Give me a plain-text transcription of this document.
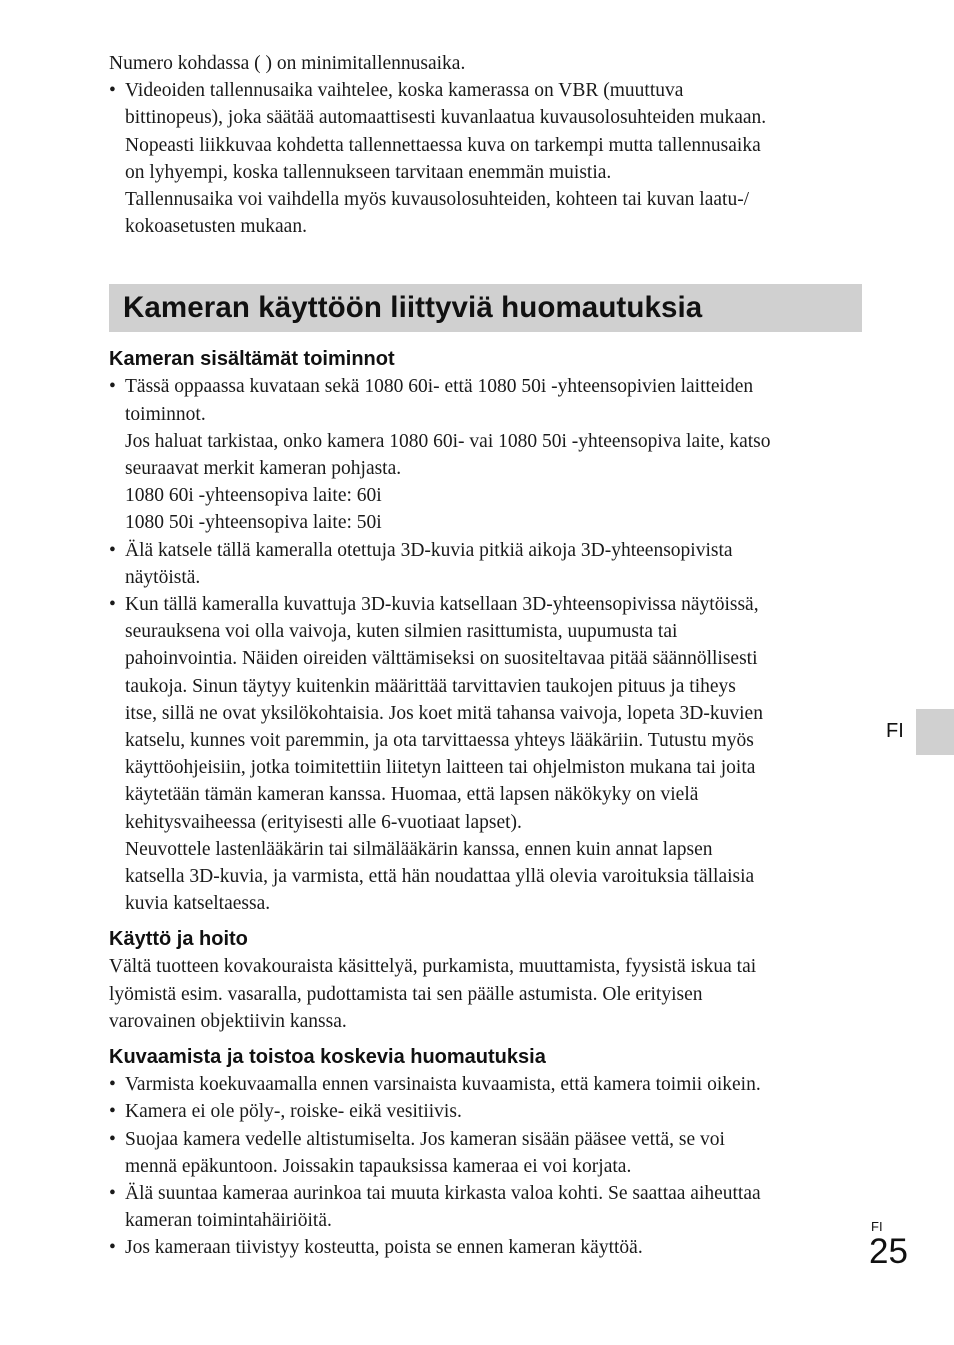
Numero kohdassa ( ) on minimitallennusaika.
• Videoiden tallennusaika vaihtelee, koska kamerassa on VBR (muuttuva
bittinopeus), joka säätää automaattisesti kuvanlaatua kuvausolosuhteiden mukaan.
Nopeasti liikkuvaa kohdetta tallennettaessa kuva on tarkempi mutta tallennusaika
on lyhyempi, koska tallennukseen tarvitaan enemmän muistia.
Tallennusaika voi vaihdella myös kuvausolosuhteiden, kohteen tai kuvan laatu-/
kokoasetusten mukaan.
Kameran käyttöön liittyviä huomautuksia
Kameran sisältämät toiminnot
• Tässä oppaassa kuvataan sekä 1080 60i- että 1080 50i -yhteensopivien laitteiden
toiminnot.
Jos haluat tarkistaa, onko kamera 1080 60i- vai 1080 50i -yhteensopiva laite, katso
seuraavat merkit kameran pohjasta.
1080 60i -yhteensopiva laite: 60i
1080 50i -yhteensopiva laite: 50i
• Älä katsele tällä kameralla otettuja 3D-kuvia pitkiä aikoja 3D-yhteensopivista
näytöistä.
• Kun tällä kameralla kuvattuja 3D-kuvia katsellaan 3D-yhteensopivissa näytöissä,
seurauksena voi olla vaivoja, kuten silmien rasittumista, uupumusta tai
pahoinvointia. Näiden oireiden välttämiseksi on suositeltavaa pitää säännöllisesti
taukoja. Sinun täytyy kuitenkin määrittää tarvittavien taukojen pituus ja tiheys
itse, sillä ne ovat yksilökohtaisia. Jos koet mitä tahansa vaivoja, lopeta 3D-kuvien
katselu, kunnes voit paremmin, ja ota tarvittaessa yhteys lääkäriin. Tutustu myös
käyttöohjeisiin, jotka toimitettiin liitetyn laitteen tai ohjelmiston mukana tai joita
käytetään tämän kameran kanssa. Huomaa, että lapsen näkökyky on vielä
kehitysvaiheessa (erityisesti alle 6-vuotiaat lapset).
Neuvottele lastenlääkärin tai silmälääkärin kanssa, ennen kuin annat lapsen
katsella 3D-kuvia, ja varmista, että hän noudattaa yllä olevia varoituksia tällaisia
kuvia katseltaessa.
Käyttö ja hoito
Vältä tuotteen kovakouraista käsittelyä, purkamista, muuttamista, fyysistä iskua tai
lyömistä esim. vasaralla, pudottamista tai sen päälle astumista. Ole erityisen
varovainen objektiivin kanssa.
Kuvaamista ja toistoa koskevia huomautuksia
• Varmista koekuvaamalla ennen varsinaista kuvaamista, että kamera toimii oikein.
• Kamera ei ole pöly-, roiske- eikä vesitiivis.
• Suojaa kamera vedelle altistumiselta. Jos kameran sisään pääsee vettä, se voi
mennä epäkuntoon. Joissakin tapauksissa kameraa ei voi korjata.
• Älä suuntaa kameraa aurinkoa tai muuta kirkasta valoa kohti. Se saattaa aiheuttaa
kameran toimintahäiriöitä.
• Jos kameraan tiivistyy kosteutta, poista se ennen kameran käyttöä.
FI
FI
25
